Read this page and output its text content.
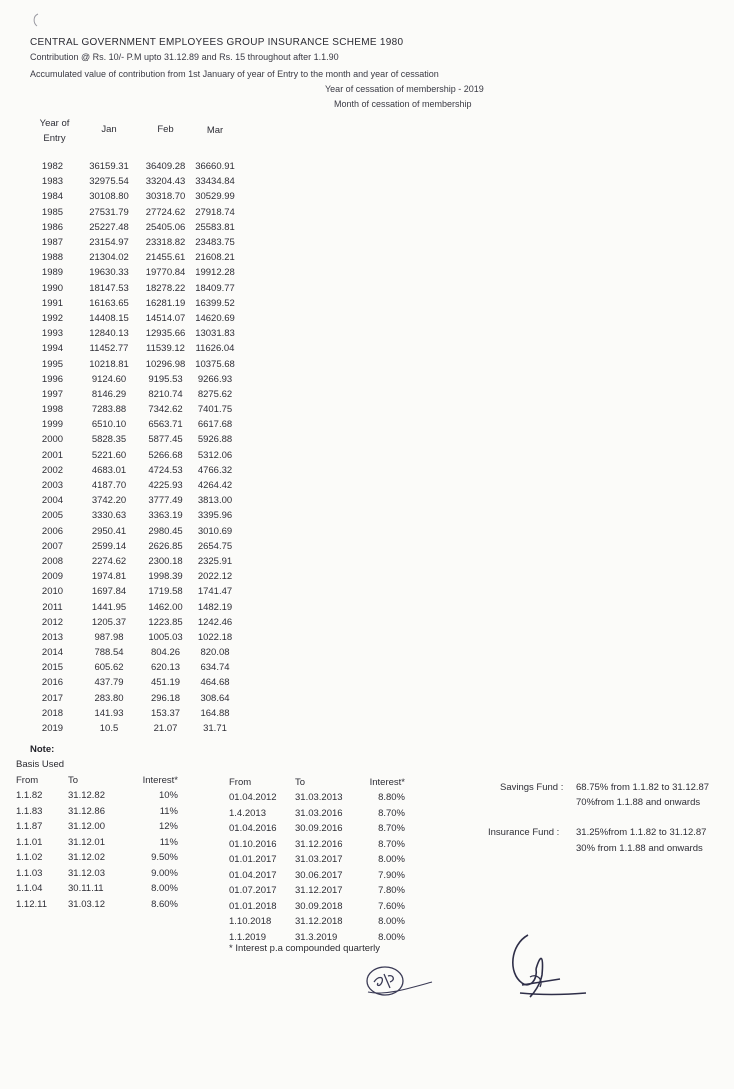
CENTRAL GOVERNMENT EMPLOYEES GROUP INSURANCE SCHEME 1980
Contribution @ Rs. 10/- P.M upto 31.12.89 and Rs. 15 throughout after 1.1.90
Accumulated value of contribution from 1st January of year of Entry to the month and year of cessation
Year of cessation of membership - 2019
Month of cessation of membership
Year of Entry	Jan	Feb	Mar
1982	36159.31	36409.28	36660.91
1983	32975.54	33204.43	33434.84
1984	30108.80	30318.70	30529.99
1985	27531.79	27724.62	27918.74
1986	25227.48	25405.06	25583.81
1987	23154.97	23318.82	23483.75
1988	21304.02	21455.61	21608.21
1989	19630.33	19770.84	19912.28
1990	18147.53	18278.22	18409.77
1991	16163.65	16281.19	16399.52
1992	14408.15	14514.07	14620.69
1993	12840.13	12935.66	13031.83
1994	11452.77	11539.12	11626.04
1995	10218.81	10296.98	10375.68
1996	9124.60	9195.53	9266.93
1997	8146.29	8210.74	8275.62
1998	7283.88	7342.62	7401.75
1999	6510.10	6563.71	6617.68
2000	5828.35	5877.45	5926.88
2001	5221.60	5266.68	5312.06
2002	4683.01	4724.53	4766.32
2003	4187.70	4225.93	4264.42
2004	3742.20	3777.49	3813.00
2005	3330.63	3363.19	3395.96
2006	2950.41	2980.45	3010.69
2007	2599.14	2626.85	2654.75
2008	2274.62	2300.18	2325.91
2009	1974.81	1998.39	2022.12
2010	1697.84	1719.58	1741.47
2011	1441.95	1462.00	1482.19
2012	1205.37	1223.85	1242.46
2013	987.98	1005.03	1022.18
2014	788.54	804.26	820.08
2015	605.62	620.13	634.74
2016	437.79	451.19	464.68
2017	283.80	296.18	308.64
2018	141.93	153.37	164.88
2019	10.5	21.07	31.71
Note:
Basis Used
From	To	Interest*
1.1.82	31.12.82	10%
1.1.83	31.12.86	11%
1.1.87	31.12.00	12%
1.1.01	31.12.01	11%
1.1.02	31.12.02	9.50%
1.1.03	31.12.03	9.00%
1.1.04	30.11.11	8.00%
1.12.11	31.03.12	8.60%
From	To	Interest*
01.04.2012	31.03.2013	8.80%
1.4.2013	31.03.2016	8.70%
01.04.2016	30.09.2016	8.70%
01.10.2016	31.12.2016	8.70%
01.01.2017	31.03.2017	8.00%
01.04.2017	30.06.2017	7.90%
01.07.2017	31.12.2017	7.80%
01.01.2018	30.09.2018	7.60%
1.10.2018	31.12.2018	8.00%
1.1.2019	31.3.2019	8.00%
* Interest p.a compounded quarterly
Savings Fund : 68.75% from 1.1.82 to 31.12.87
70%from 1.1.88 and onwards
Insurance Fund : 31.25%from 1.1.82 to 31.12.87
30% from 1.1.88 and onwards
